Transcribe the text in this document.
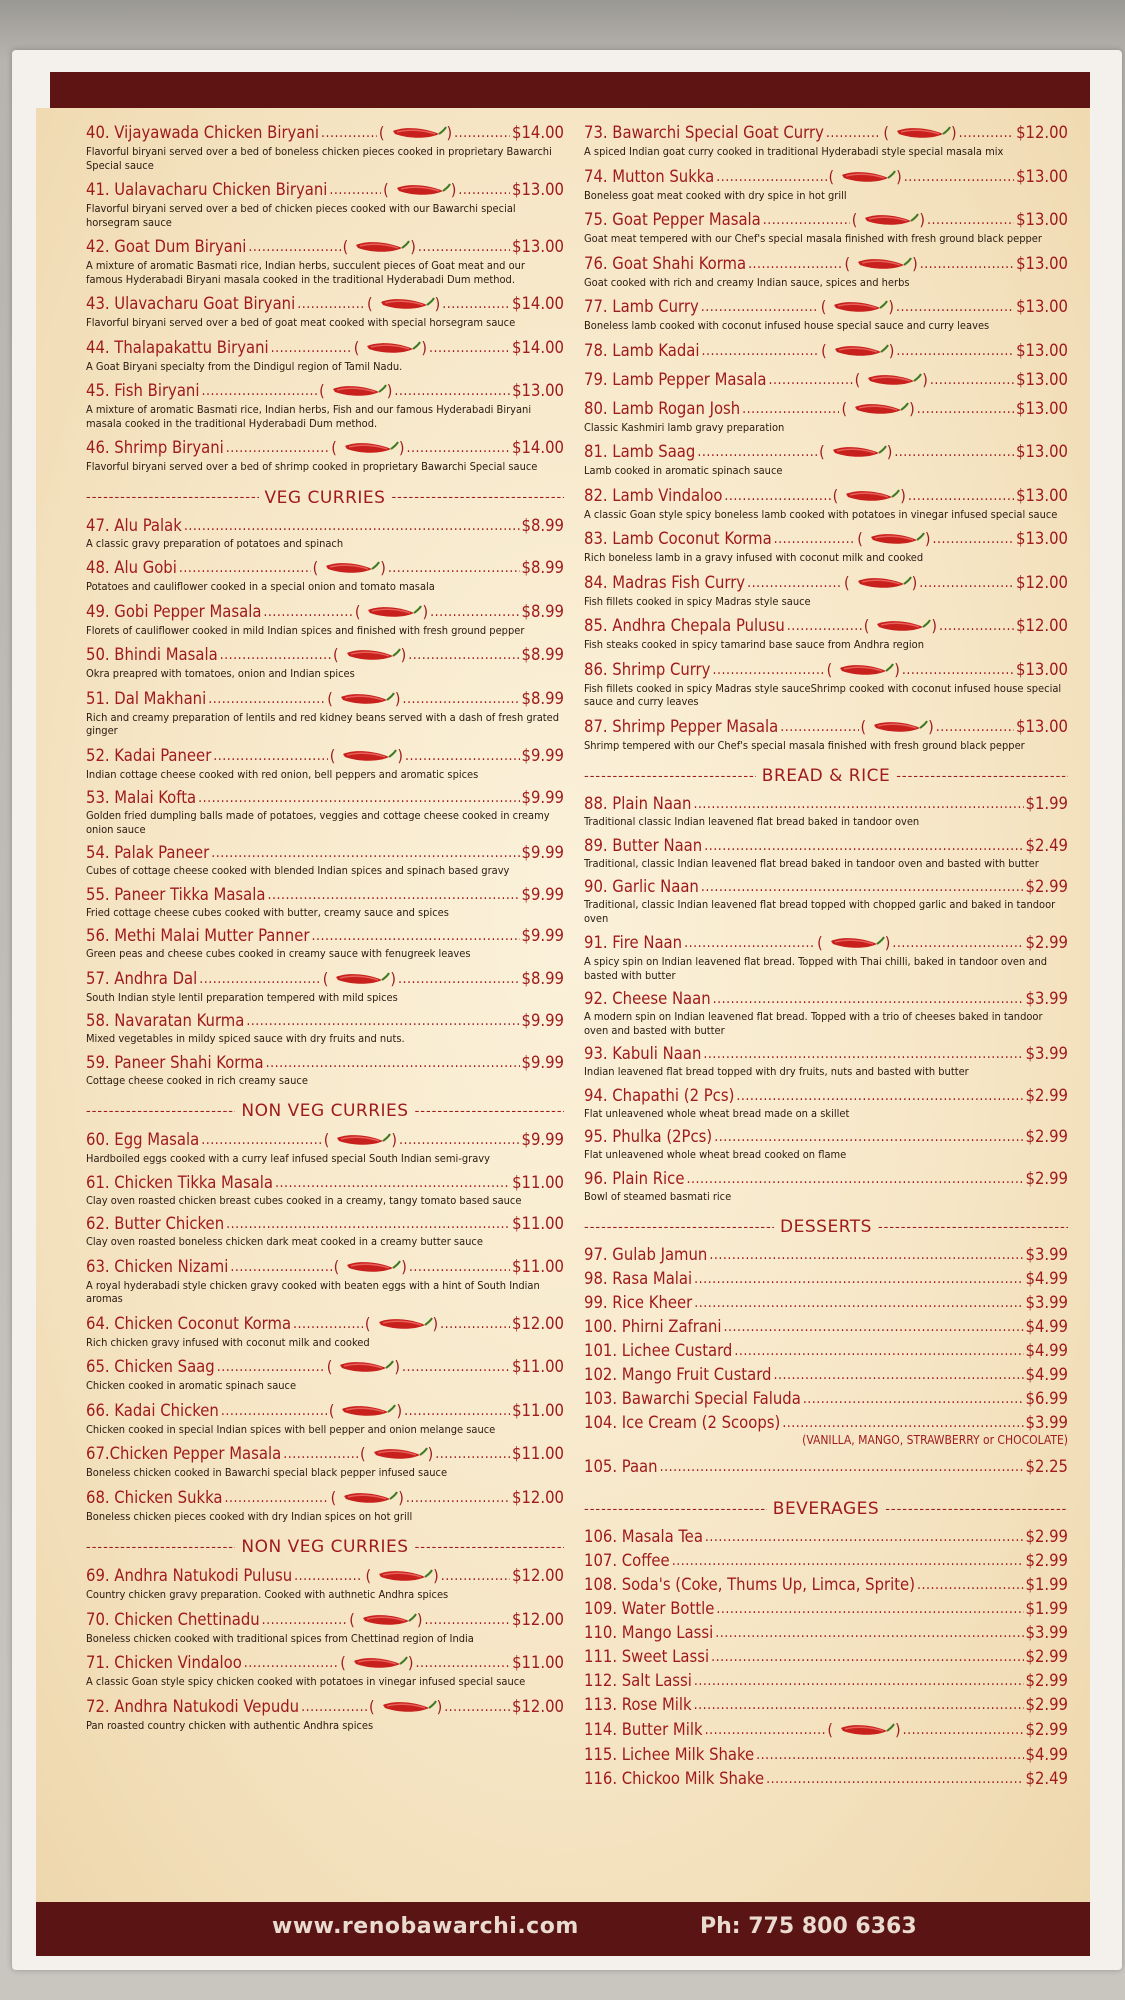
40. Vijayawada Chicken Biryani .....	(	) .....	$14.00
Flavorful biryani served over a bed of boneless chicken pieces cooked in proprietary Bawarchi Special sauce
41. Ualavacharu Chicken Biryani .....	(	) .....	$13.00
Flavorful biryani served over a bed of chicken pieces cooked with our Bawarchi special horsegram sauce
42. Goat Dum Biryani .....	(	) .....	$13.00
A mixture of aromatic Basmati rice, Indian herbs, succulent pieces of Goat meat and our famous Hyderabadi Biryani masala cooked in the traditional Hyderabadi Dum method.
43. Ulavacharu Goat Biryani .....	(	) .....	$14.00
Flavorful biryani served over a bed of goat meat cooked with special horsegram sauce
44. Thalapakattu Biryani .....	(	) .....	$14.00
A Goat Biryani specialty from the Dindigul region of Tamil Nadu.
45. Fish Biryani .....	(	) .....	$13.00
A mixture of aromatic Basmati rice, Indian herbs, Fish and our famous Hyderabadi Biryani masala cooked in the traditional Hyderabadi Dum method.
46. Shrimp Biryani .....	(	) .....	$14.00
Flavorful biryani served over a bed of shrimp cooked in proprietary Bawarchi Special sauce
-----
VEG CURRIES
-----
47. Alu Palak .....	$8.99
A classic gravy preparation of potatoes and spinach
48. Alu Gobi .....	(	) .....	$8.99
Potatoes and cauliflower cooked in a special onion and tomato masala
49. Gobi Pepper Masala .....	(	) .....	$8.99
Florets of cauliflower cooked in mild Indian spices and finished with fresh ground pepper
50. Bhindi Masala .....	(	) .....	$8.99
Okra preapred with tomatoes, onion and Indian spices
51. Dal Makhani .....	(	) .....	$8.99
Rich and creamy preparation of lentils and red kidney beans served with a dash of fresh grated ginger
52. Kadai Paneer .....	(	) .....	$9.99
Indian cottage cheese cooked with red onion, bell peppers and aromatic spices
53. Malai Kofta .....	$9.99
Golden fried dumpling balls made of potatoes, veggies and cottage cheese cooked in creamy onion sauce
54. Palak Paneer .....	$9.99
Cubes of cottage cheese cooked with blended Indian spices and spinach based gravy
55. Paneer Tikka Masala .....	$9.99
Fried cottage cheese cubes cooked with butter, creamy sauce and spices
56. Methi Malai Mutter Panner .....	$9.99
Green peas and cheese cubes cooked in creamy sauce with fenugreek leaves
57. Andhra Dal .....	(	) .....	$8.99
South Indian style lentil preparation tempered with mild spices
58. Navaratan Kurma .....	$9.99
Mixed vegetables in mildy spiced sauce with dry fruits and nuts.
59. Paneer Shahi Korma .....	$9.99
Cottage cheese cooked in rich creamy sauce
-----
NON VEG CURRIES
-----
60. Egg Masala .....	(	) .....	$9.99
Hardboiled eggs cooked with a curry leaf infused special South Indian semi-gravy
61. Chicken Tikka Masala .....	$11.00
Clay oven roasted chicken breast cubes cooked in a creamy, tangy tomato based sauce
62. Butter Chicken .....	$11.00
Clay oven roasted boneless chicken dark meat cooked in a creamy butter sauce
63. Chicken Nizami .....	(	) .....	$11.00
A royal hyderabadi style chicken gravy cooked with beaten eggs with a hint of South Indian aromas
64. Chicken Coconut Korma .....	(	) .....	$12.00
Rich chicken gravy infused with coconut milk and cooked
65. Chicken Saag .....	(	) .....	$11.00
Chicken cooked in aromatic spinach sauce
66. Kadai Chicken .....	(	) .....	$11.00
Chicken cooked in special Indian spices with bell pepper and onion melange sauce
67.Chicken Pepper Masala .....	(	) .....	$11.00
Boneless chicken cooked in Bawarchi special black pepper infused sauce
68. Chicken Sukka .....	(	) .....	$12.00
Boneless chicken pieces cooked with dry Indian spices on hot grill
-----
NON VEG CURRIES
-----
69. Andhra Natukodi Pulusu .....	(	) .....	$12.00
Country chicken gravy preparation. Cooked with authnetic Andhra spices
70. Chicken Chettinadu .....	(	) .....	$12.00
Boneless chicken cooked with traditional spices from Chettinad region of India
71. Chicken Vindaloo .....	(	) .....	$11.00
A classic Goan style spicy chicken cooked with potatoes in vinegar infused special sauce
72. Andhra Natukodi Vepudu .....	(	) .....	$12.00
Pan roasted country chicken with authentic Andhra spices
73. Bawarchi Special Goat Curry .....	(	) .....	$12.00
A spiced Indian goat curry cooked in traditional Hyderabadi style special masala mix
74. Mutton Sukka .....	(	) .....	$13.00
Boneless goat meat cooked with dry spice in hot grill
75. Goat Pepper Masala .....	(	) .....	$13.00
Goat meat tempered with our Chef's special masala finished with fresh ground black pepper
76. Goat Shahi Korma .....	(	) .....	$13.00
Goat cooked with rich and creamy Indian sauce, spices and herbs
77. Lamb Curry .....	(	) .....	$13.00
Boneless lamb cooked with coconut infused house special sauce and curry leaves
78. Lamb Kadai .....	(	) .....	$13.00
79. Lamb Pepper Masala .....	(	) .....	$13.00
80. Lamb Rogan Josh .....	(	) .....	$13.00
Classic Kashmiri lamb gravy preparation
81. Lamb Saag .....	(	) .....	$13.00
Lamb cooked in aromatic spinach sauce
82. Lamb Vindaloo .....	(	) .....	$13.00
A classic Goan style spicy boneless lamb cooked with potatoes in vinegar infused special sauce
83. Lamb Coconut Korma .....	(	) .....	$13.00
Rich boneless lamb in a gravy infused with coconut milk and cooked
84. Madras Fish Curry .....	(	) .....	$12.00
Fish fillets cooked in spicy Madras style sauce
85. Andhra Chepala Pulusu .....	(	) .....	$12.00
Fish steaks cooked in spicy tamarind base sauce from Andhra region
86. Shrimp Curry .....	(	) .....	$13.00
Fish fillets cooked in spicy Madras style sauceShrimp cooked with coconut infused house special sauce and curry leaves
87. Shrimp Pepper Masala .....	(	) .....	$13.00
Shrimp tempered with our Chef's special masala finished with fresh ground black pepper
-----
BREAD & RICE
-----
88. Plain Naan .....	$1.99
Traditional classic Indian leavened flat bread baked in tandoor oven
89. Butter Naan .....	$2.49
Traditional, classic Indian leavened flat bread baked in tandoor oven and basted with butter
90. Garlic Naan .....	$2.99
Traditional, classic Indian leavened flat bread topped with chopped garlic and baked in tandoor oven
91. Fire Naan .....	(	) .....	$2.99
A spicy spin on Indian leavened flat bread. Topped with Thai chilli, baked in tandoor oven and basted with butter
92. Cheese Naan .....	$3.99
A modern spin on Indian leavened flat bread. Topped with a trio of cheeses baked in tandoor oven and basted with butter
93. Kabuli Naan .....	$3.99
Indian leavened flat bread topped with dry fruits, nuts and basted with butter
94. Chapathi (2 Pcs) .....	$2.99
Flat unleavened whole wheat bread made on a skillet
95. Phulka (2Pcs) .....	$2.99
Flat unleavened whole wheat bread cooked on flame
96. Plain Rice .....	$2.99
Bowl of steamed basmati rice
-----
DESSERTS
-----
97. Gulab Jamun .....	$3.99
98. Rasa Malai .....	$4.99
99. Rice Kheer .....	$3.99
100. Phirni Zafrani .....	$4.99
101. Lichee Custard .....	$4.99
102. Mango Fruit Custard .....	$4.99
103. Bawarchi Special Faluda .....	$6.99
104. Ice Cream (2 Scoops) .....	$3.99
(VANILLA, MANGO, STRAWBERRY or CHOCOLATE)
105. Paan .....	$2.25
-----
BEVERAGES
-----
106. Masala Tea .....	$2.99
107. Coffee .....	$2.99
108. Soda's (Coke, Thums Up, Limca, Sprite) .....	$1.99
109. Water Bottle .....	$1.99
110. Mango Lassi .....	$3.99
111. Sweet Lassi .....	$2.99
112. Salt Lassi .....	$2.99
113. Rose Milk .....	$2.99
114. Butter Milk .....	(	) .....	$2.99
115. Lichee Milk Shake .....	$4.99
116. Chickoo Milk Shake .....	$2.49
www.renobawarchi.com	Ph: 775 800 6363
